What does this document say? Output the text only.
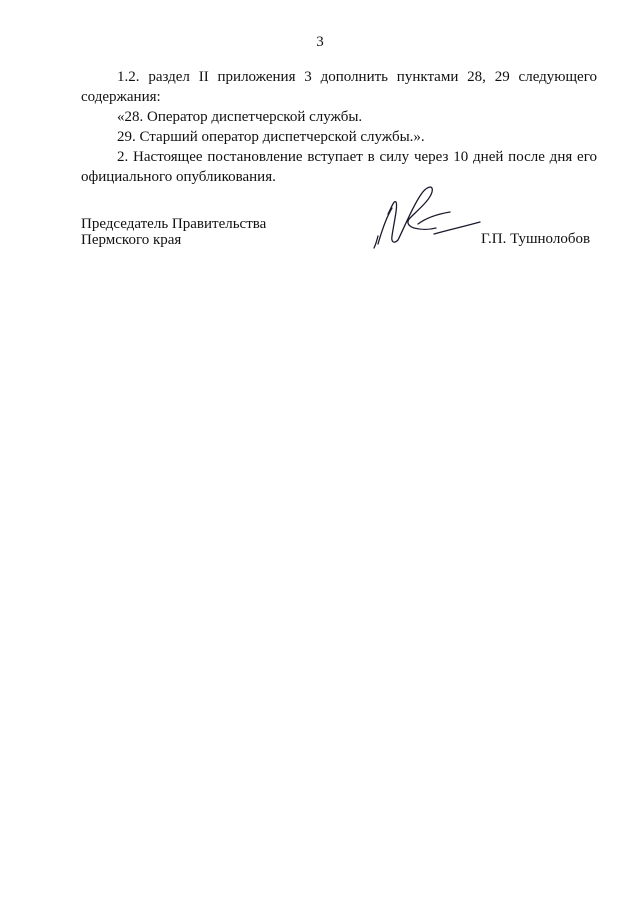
3

1.2. раздел II приложения 3 дополнить пунктами 28, 29 следующего содержания:

«28. Оператор диспетчерской службы.

29. Старший оператор диспетчерской службы.».

2. Настоящее постановление вступает в силу через 10 дней после дня его официального опубликования.

Председатель Правительства
Пермского края	Г.П. Тушнолобов
